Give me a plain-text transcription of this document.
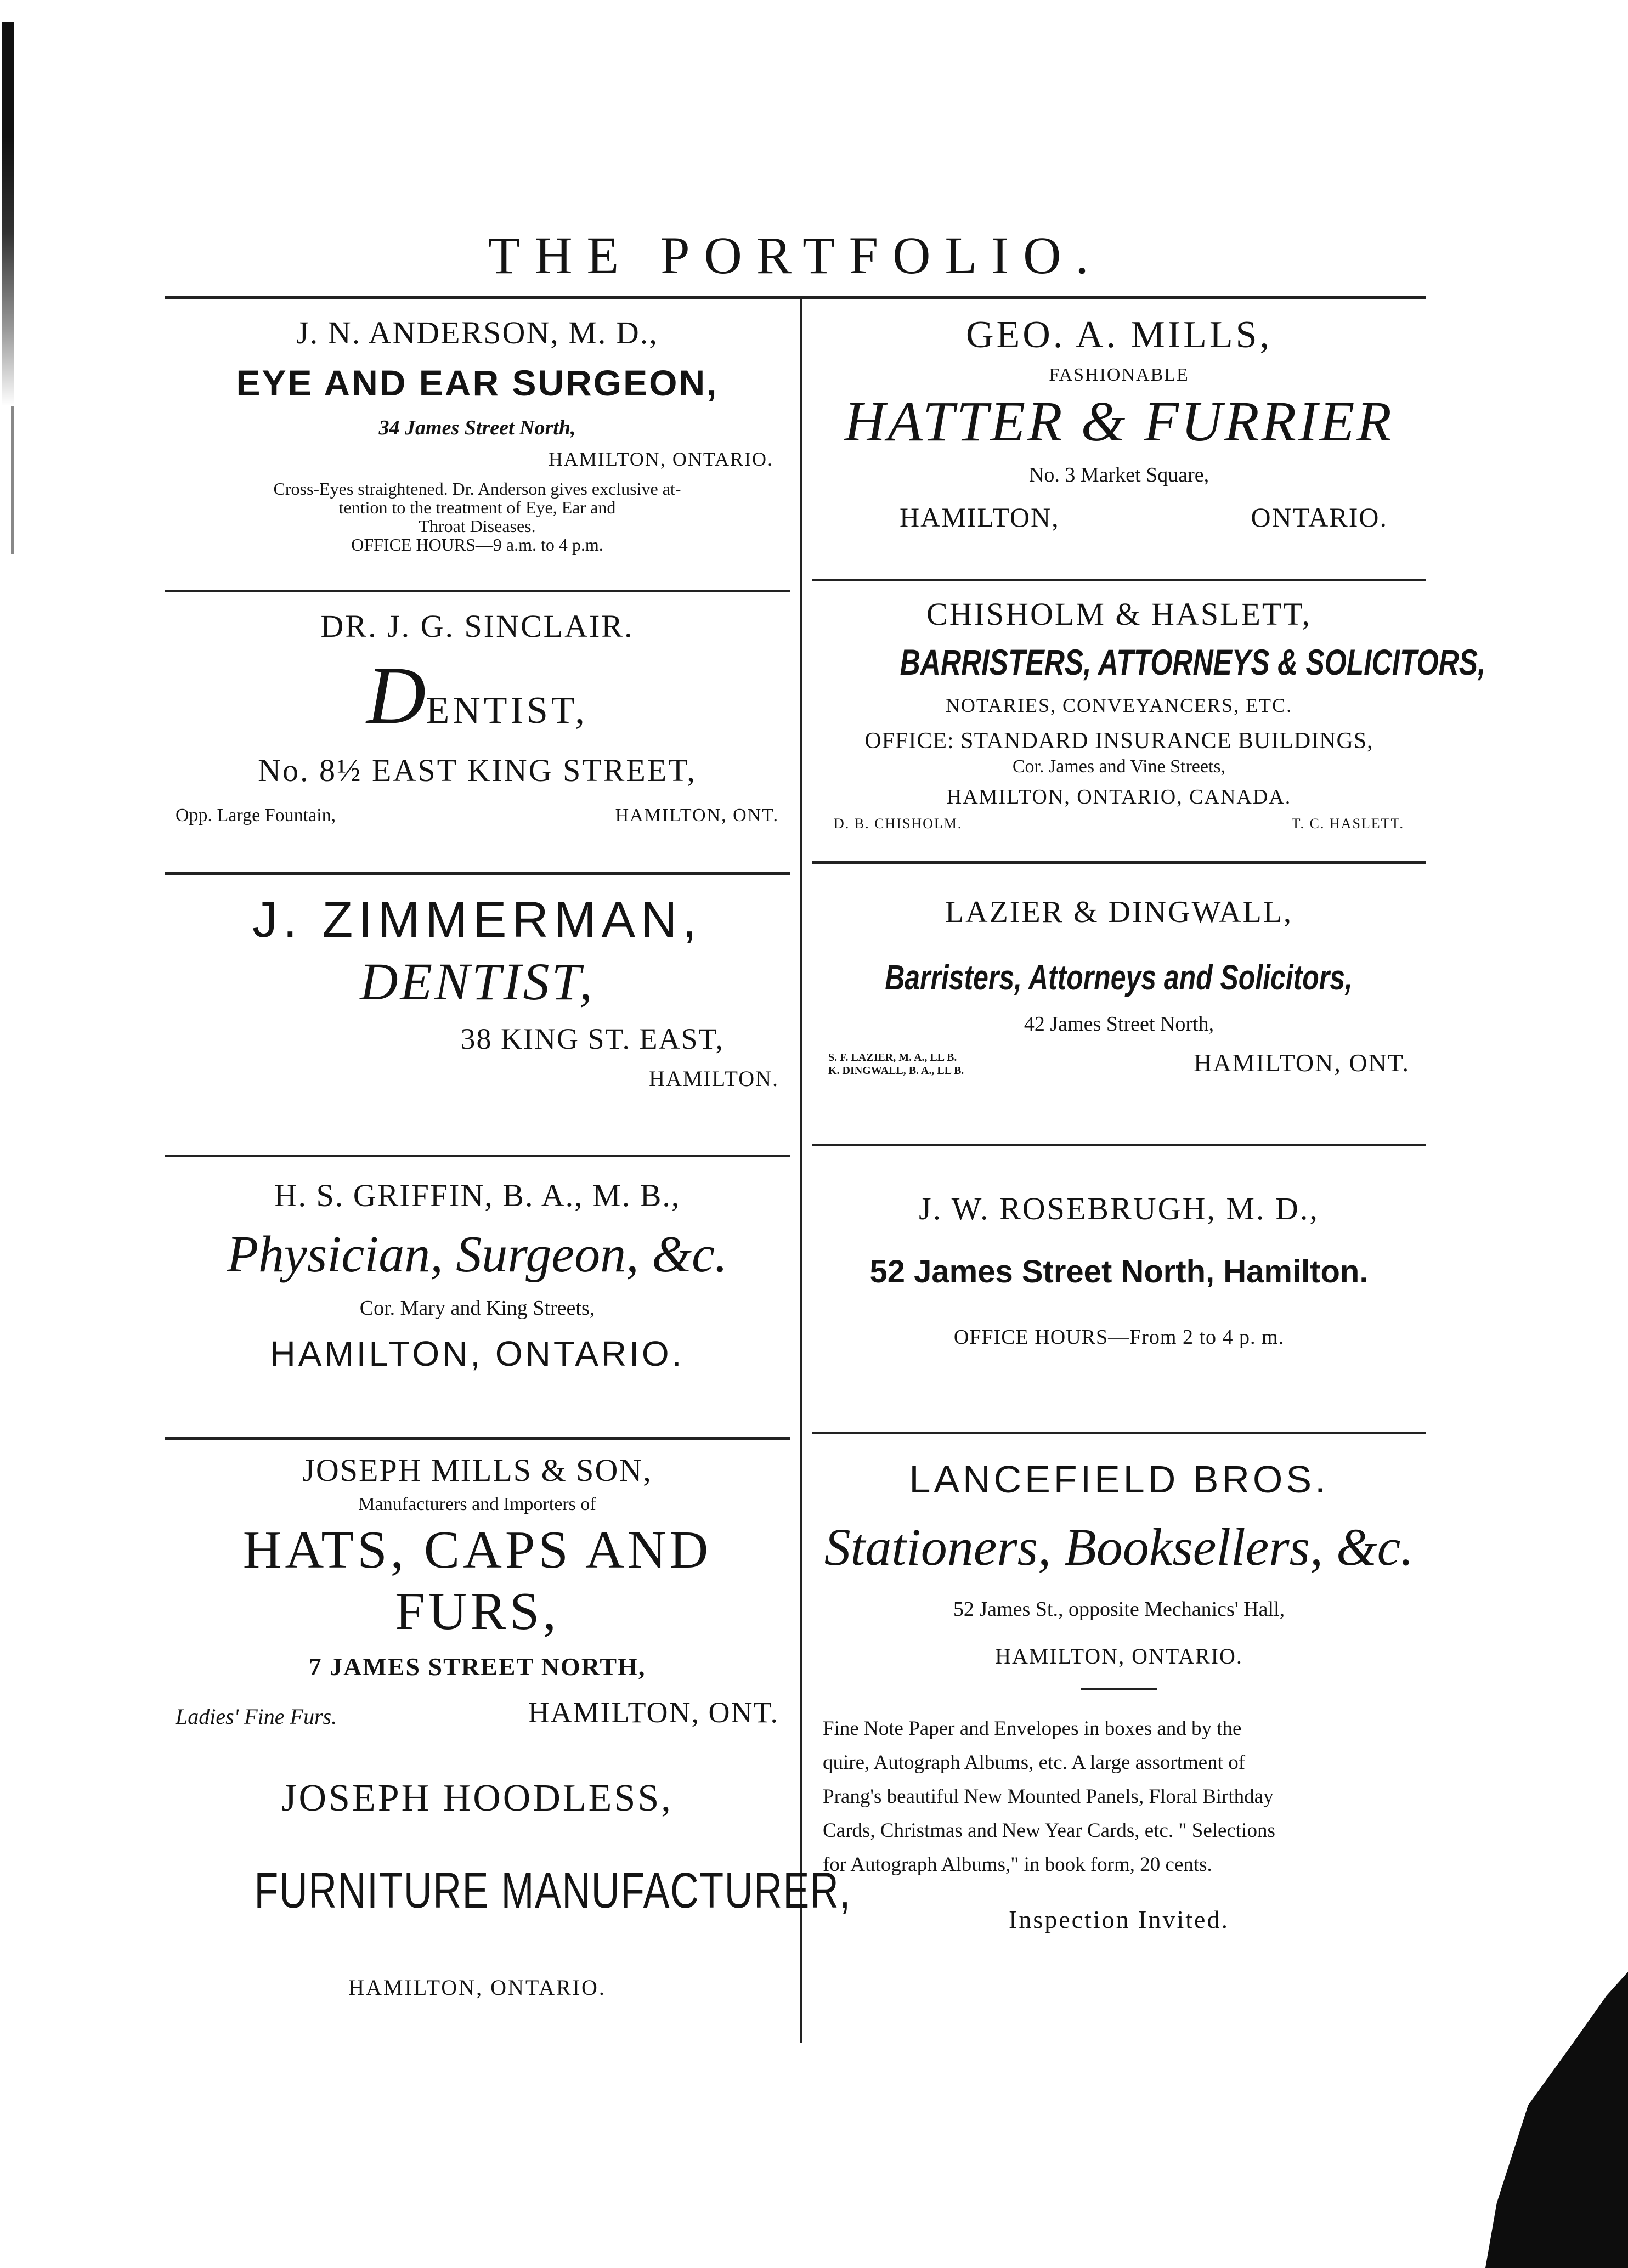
THE PORTFOLIO.
J. N. ANDERSON, M. D.,
EYE AND EAR SURGEON,
34 James Street North,
HAMILTON, ONTARIO.
Cross-Eyes straightened. Dr. Anderson gives exclusive at-
tention to the treatment of Eye, Ear and
Throat Diseases.
OFFICE HOURS—9 a.m. to 4 p.m.
DR. J. G. SINCLAIR.
DENTIST,
No. 8½ EAST KING STREET,
Opp. Large Fountain,	HAMILTON, ONT.
J. ZIMMERMAN,
DENTIST,
38 KING ST. EAST,
HAMILTON.
H. S. GRIFFIN, B. A., M. B.,
Physician, Surgeon, &c.
Cor. Mary and King Streets,
HAMILTON, ONTARIO.
JOSEPH MILLS & SON,
Manufacturers and Importers of
HATS, CAPS AND FURS,
7 JAMES STREET NORTH,
Ladies' Fine Furs.	HAMILTON, ONT.
JOSEPH HOODLESS,
FURNITURE MANUFACTURER,
HAMILTON, ONTARIO.
GEO. A. MILLS,
FASHIONABLE
HATTER & FURRIER
No. 3 Market Square,
HAMILTON,	ONTARIO.
CHISHOLM & HASLETT,
BARRISTERS, ATTORNEYS & SOLICITORS,
NOTARIES, CONVEYANCERS, ETC.
OFFICE: STANDARD INSURANCE BUILDINGS,
Cor. James and Vine Streets,
HAMILTON, ONTARIO, CANADA.
D. B. CHISHOLM.	T. C. HASLETT.
LAZIER & DINGWALL,
Barristers, Attorneys and Solicitors,
42 James Street North,
S. F. LAZIER, M. A., LL B.
K. DINGWALL, B. A., LL B.	HAMILTON, ONT.
J. W. ROSEBRUGH, M. D.,
52 James Street North, Hamilton.
OFFICE HOURS—From 2 to 4 p. m.
LANCEFIELD BROS.
Stationers, Booksellers, &c.
52 James St., opposite Mechanics' Hall,
HAMILTON, ONTARIO.
Fine Note Paper and Envelopes in boxes and by the
quire, Autograph Albums, etc. A large assortment of
Prang's beautiful New Mounted Panels, Floral Birthday
Cards, Christmas and New Year Cards, etc. " Selections
for Autograph Albums," in book form, 20 cents.
Inspection Invited.
